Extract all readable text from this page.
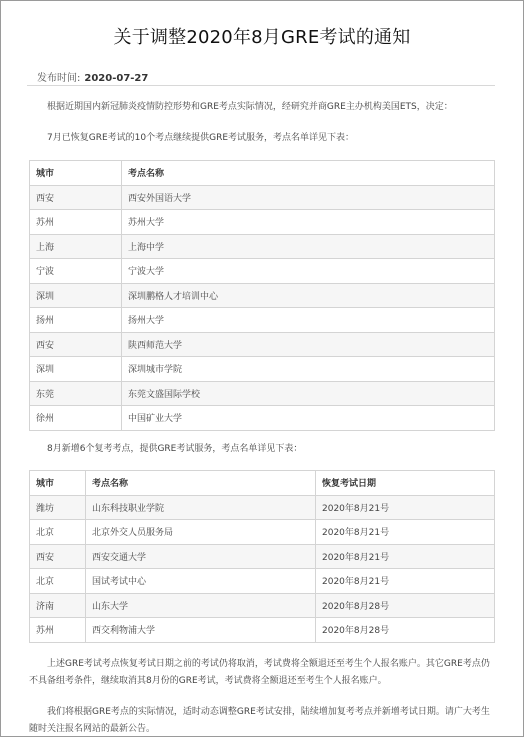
关于调整2020年8月GRE考试的通知
发布时间: 2020-07-27
根据近期国内新冠肺炎疫情防控形势和GRE考点实际情况，经研究并商GRE主办机构美国ETS，决定：
7月已恢复GRE考试的10个考点继续提供GRE考试服务，考点名单详见下表：
城市	考点名称
西安	西安外国语大学
苏州	苏州大学
上海	上海中学
宁波	宁波大学
深圳	深圳鹏格人才培训中心
扬州	扬州大学
西安	陕西师范大学
深圳	深圳城市学院
东莞	东莞文盛国际学校
徐州	中国矿业大学
8月新增6个复考考点，提供GRE考试服务，考点名单详见下表：
城市	考点名称	恢复考试日期
潍坊	山东科技职业学院	2020年8月21号
北京	北京外交人员服务局	2020年8月21号
西安	西安交通大学	2020年8月21号
北京	国试考试中心	2020年8月21号
济南	山东大学	2020年8月28号
苏州	西交利物浦大学	2020年8月28号
上述GRE考试考点恢复考试日期之前的考试仍将取消，考试费将全额退还至考生个人报名账户。其它GRE考点仍不具备组考条件，继续取消其8月份的GRE考试，考试费将全额退还至考生个人报名账户。
我们将根据GRE考点的实际情况，适时动态调整GRE考试安排，陆续增加复考考点并新增考试日期。请广大考生随时关注报名网站的最新公告。
